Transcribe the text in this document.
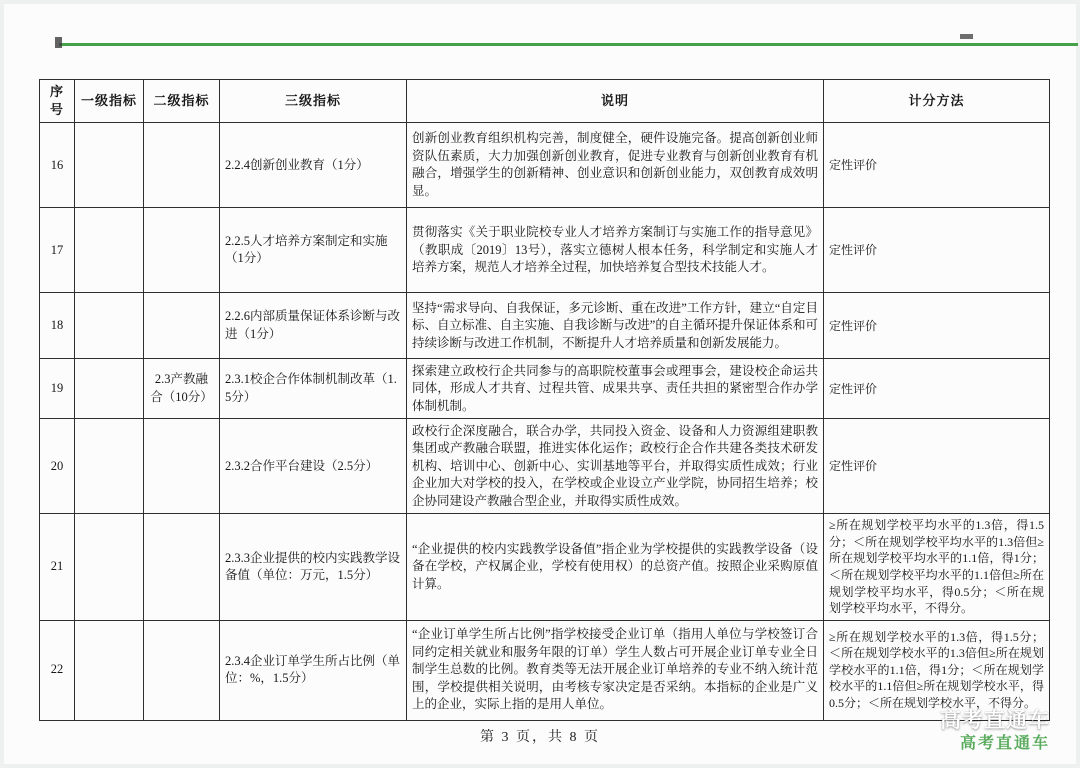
序号	一级指标	二级指标	三级指标	说明	计分方法
16			2.2.4创新创业教育（1分）	创新创业教育组织机构完善，制度健全，硬件设施完备。提高创新创业师资队伍素质，大力加强创新创业教育，促进专业教育与创新创业教育有机融合，增强学生的创新精神、创业意识和创新创业能力，双创教育成效明显。	定性评价
17			2.2.5人才培养方案制定和实施（1分）	贯彻落实《关于职业院校专业人才培养方案制订与实施工作的指导意见》（教职成〔2019〕13号），落实立德树人根本任务，科学制定和实施人才培养方案，规范人才培养全过程，加快培养复合型技术技能人才。	定性评价
18			2.2.6内部质量保证体系诊断与改进（1分）	坚持“需求导向、自我保证，多元诊断、重在改进”工作方针，建立“自定目标、自立标准、自主实施、自我诊断与改进”的自主循环提升保证体系和可持续诊断与改进工作机制，不断提升人才培养质量和创新发展能力。	定性评价
19		2.3产教融合（10分）	2.3.1校企合作体制机制改革（1.5分）	探索建立政校行企共同参与的高职院校董事会或理事会，建设校企命运共同体，形成人才共育、过程共管、成果共享、责任共担的紧密型合作办学体制机制。	定性评价
20			2.3.2合作平台建设（2.5分）	政校行企深度融合，联合办学，共同投入资金、设备和人力资源组建职教集团或产教融合联盟，推进实体化运作；政校行企合作共建各类技术研发机构、培训中心、创新中心、实训基地等平台，并取得实质性成效；行业企业加大对学校的投入，在学校或企业设立产业学院，协同招生培养；校企协同建设产教融合型企业，并取得实质性成效。	定性评价
21			2.3.3企业提供的校内实践教学设备值（单位：万元，1.5分）	“企业提供的校内实践教学设备值”指企业为学校提供的实践教学设备（设备在学校，产权属企业，学校有使用权）的总资产值。按照企业采购原值计算。	≥所在规划学校平均水平的1.3倍，得1.5分；＜所在规划学校平均水平的1.3倍但≥所在规划学校平均水平的1.1倍，得1分；＜所在规划学校平均水平的1.1倍但≥所在规划学校平均水平，得0.5分；＜所在规划学校平均水平，不得分。
22			2.3.4企业订单学生所占比例（单位：%，1.5分）	“企业订单学生所占比例”指学校接受企业订单（指用人单位与学校签订合同约定相关就业和服务年限的订单）学生人数占可开展企业订单专业全日制学生总数的比例。教育类等无法开展企业订单培养的专业不纳入统计范围，学校提供相关说明，由考核专家决定是否采纳。本指标的企业是广义上的企业，实际上指的是用人单位。	≥所在规划学校水平的1.3倍，得1.5分；＜所在规划学校水平的1.3倍但≥所在规划学校水平的1.1倍，得1分；＜所在规划学校水平的1.1倍但≥所在规划学校水平，得0.5分；＜所在规划学校水平，不得分。
第 3 页，共 8 页
高考直通车
高考直通车
